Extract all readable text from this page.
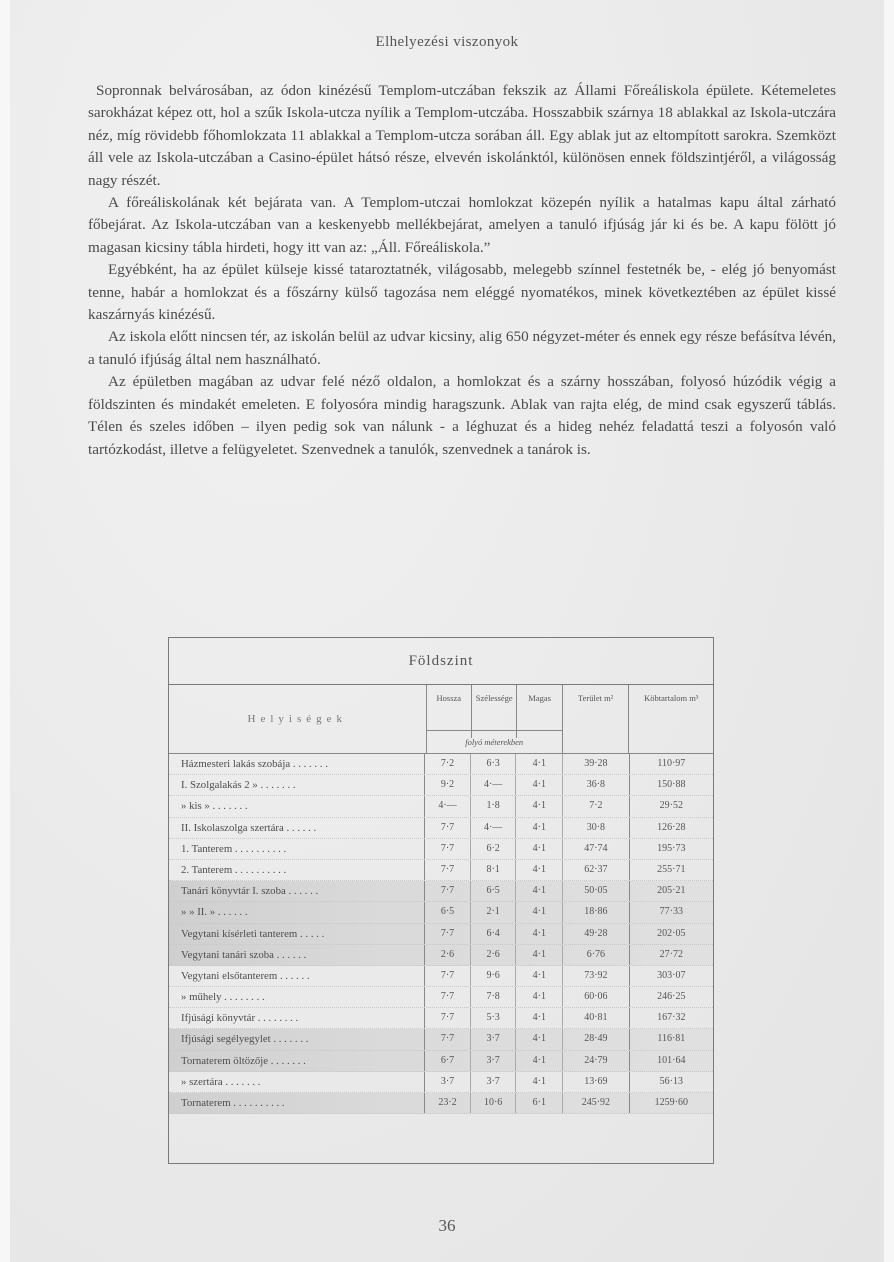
Elhelyezési viszonyok

Sopronnak belvárosában, az ódon kinézésű Templom-utczában fekszik az Állami Főreáliskola épülete. Kétemeletes sarokházat képez ott, hol a szűk Iskola-utcza nyílik a Templom-utczába. Hosszabbik szárnya 18 ablakkal az Iskola-utczára néz, míg rövidebb főhomlokzata 11 ablakkal a Templom-utcza sorában áll. Egy ablak jut az eltompított sarokra. Szemközt áll vele az Iskola-utczában a Casino-épület hátsó része, elvevén iskolánktól, különösen ennek földszintjéről, a világosság nagy részét.

A főreáliskolának két bejárata van. A Templom-utczai homlokzat közepén nyílik a hatalmas kapu által zárható főbejárat. Az Iskola-utczában van a keskenyebb mellékbejárat, amelyen a tanuló ifjúság jár ki és be. A kapu fölött jó magasan kicsiny tábla hirdeti, hogy itt van az: „Áll. Főreáliskola.”

Egyébként, ha az épület külseje kissé tataroztatnék, világosabb, melegebb színnel festetnék be, - elég jó benyomást tenne, habár a homlokzat és a főszárny külső tagozása nem eléggé nyomatékos, minek következtében az épület kissé kaszárnyás kinézésű.

Az iskola előtt nincsen tér, az iskolán belül az udvar kicsiny, alig 650 négyzet-méter és ennek egy része befásítva lévén, a tanuló ifjúság által nem használható.

Az épületben magában az udvar felé néző oldalon, a homlokzat és a szárny hosszában, folyosó húzódik végig a földszinten és mindakét emeleten. E folyosóra mindig haragszunk. Ablak van rajta elég, de mind csak egyszerű táblás. Télen és szeles időben – ilyen pedig sok van nálunk - a léghuzat és a hideg nehéz feladattá teszi a folyosón való tartózkodást, illetve a felügyeletet. Szenvednek a tanulók, szenvednek a tanárok is.

Földszint
Helyiségek
Hossza	Szélessége	Magas
folyó méterekben
Terület m²	Köbtartalom m³
Házmesteri lakás szobája . . . . . . .	7·2	6·3	4·1	39·28	110·97
I. Szolgalakás 2 » . . . . . . .	9·2	4·—	4·1	36·8	150·88
» kis » . . . . . . .	4·—	1·8	4·1	7·2	29·52
II. Iskolaszolga szertára . . . . . .	7·7	4·—	4·1	30·8	126·28
1. Tanterem . . . . . . . . . .	7·7	6·2	4·1	47·74	195·73
2. Tanterem . . . . . . . . . .	7·7	8·1	4·1	62·37	255·71
Tanári könyvtár I. szoba . . . . . .	7·7	6·5	4·1	50·05	205·21
» » II. » . . . . . .	6·5	2·1	4·1	18·86	77·33
Vegytani kísérleti tanterem . . . . .	7·7	6·4	4·1	49·28	202·05
Vegytani tanári szoba . . . . . .	2·6	2·6	4·1	6·76	27·72
Vegytani elsőtanterem . . . . . .	7·7	9·6	4·1	73·92	303·07
» műhely . . . . . . . .	7·7	7·8	4·1	60·06	246·25
Ifjúsági könyvtár . . . . . . . .	7·7	5·3	4·1	40·81	167·32
Ifjúsági segélyegylet . . . . . . .	7·7	3·7	4·1	28·49	116·81
Tornaterem öltözője . . . . . . .	6·7	3·7	4·1	24·79	101·64
» szertára . . . . . . .	3·7	3·7	4·1	13·69	56·13
Tornaterem . . . . . . . . . .	23·2	10·6	6·1	245·92	1259·60
36
